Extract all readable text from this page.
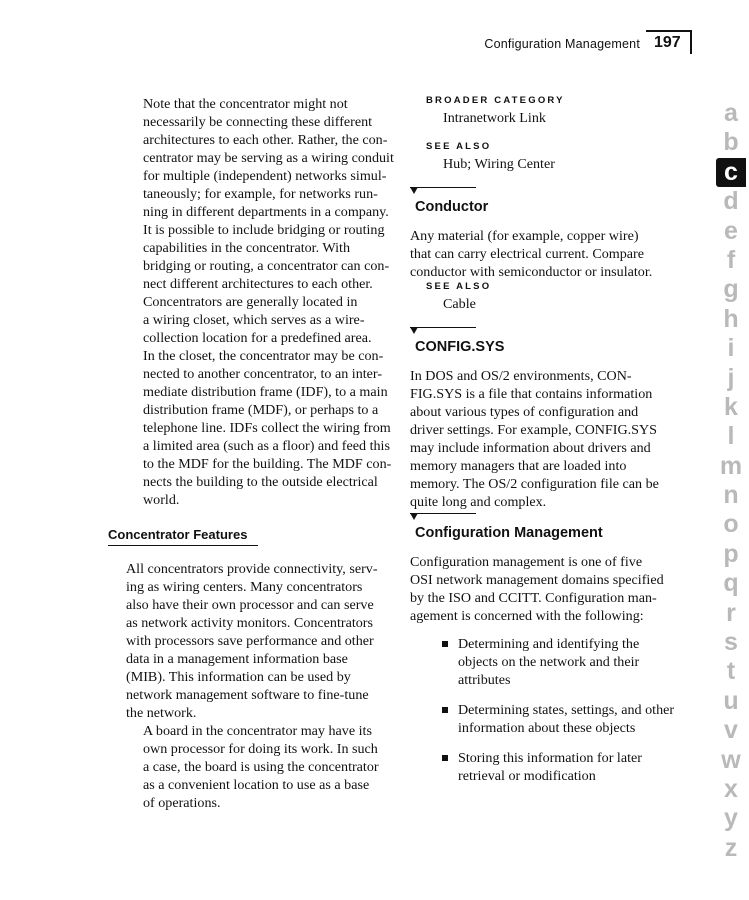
Configuration Management 197

Note that the concentrator might not
necessarily be connecting these different
architectures to each other. Rather, the con-
centrator may be serving as a wiring conduit
for multiple (independent) networks simul-
taneously; for example, for networks run-
ning in different departments in a company.
It is possible to include bridging or routing
capabilities in the concentrator. With
bridging or routing, a concentrator can con-
nect different architectures to each other.

Concentrators are generally located in
a wiring closet, which serves as a wire-
collection location for a predefined area.
In the closet, the concentrator may be con-
nected to another concentrator, to an inter-
mediate distribution frame (IDF), to a main
distribution frame (MDF), or perhaps to a
telephone line. IDFs collect the wiring from
a limited area (such as a floor) and feed this
to the MDF for the building. The MDF con-
nects the building to the outside electrical
world.

Concentrator Features

All concentrators provide connectivity, serv-
ing as wiring centers. Many concentrators
also have their own processor and can serve
as network activity monitors. Concentrators
with processors save performance and other
data in a management information base
(MIB). This information can be used by
network management software to fine-tune
the network.

A board in the concentrator may have its
own processor for doing its work. In such
a case, the board is using the concentrator
as a convenient location to use as a base
of operations.

BROADER CATEGORY
Intranetwork Link
SEE ALSO
Hub; Wiring Center
Conductor

Any material (for example, copper wire)
that can carry electrical current. Compare
conductor with semiconductor or insulator.

SEE ALSO
Cable
CONFIG.SYS

In DOS and OS/2 environments, CON-
FIG.SYS is a file that contains information
about various types of configuration and
driver settings. For example, CONFIG.SYS
may include information about drivers and
memory managers that are loaded into
memory. The OS/2 configuration file can be
quite long and complex.

Configuration Management

Configuration management is one of five
OSI network management domains specified
by the ISO and CCITT. Configuration man-
agement is concerned with the following:

Determining and identifying the
objects on the network and their
attributes
Determining states, settings, and other
information about these objects
Storing this information for later
retrieval or modification
a
b
c
d
e
f
g
h
i
j
k
l
m
n
o
p
q
r
s
t
u
v
w
x
y
z
